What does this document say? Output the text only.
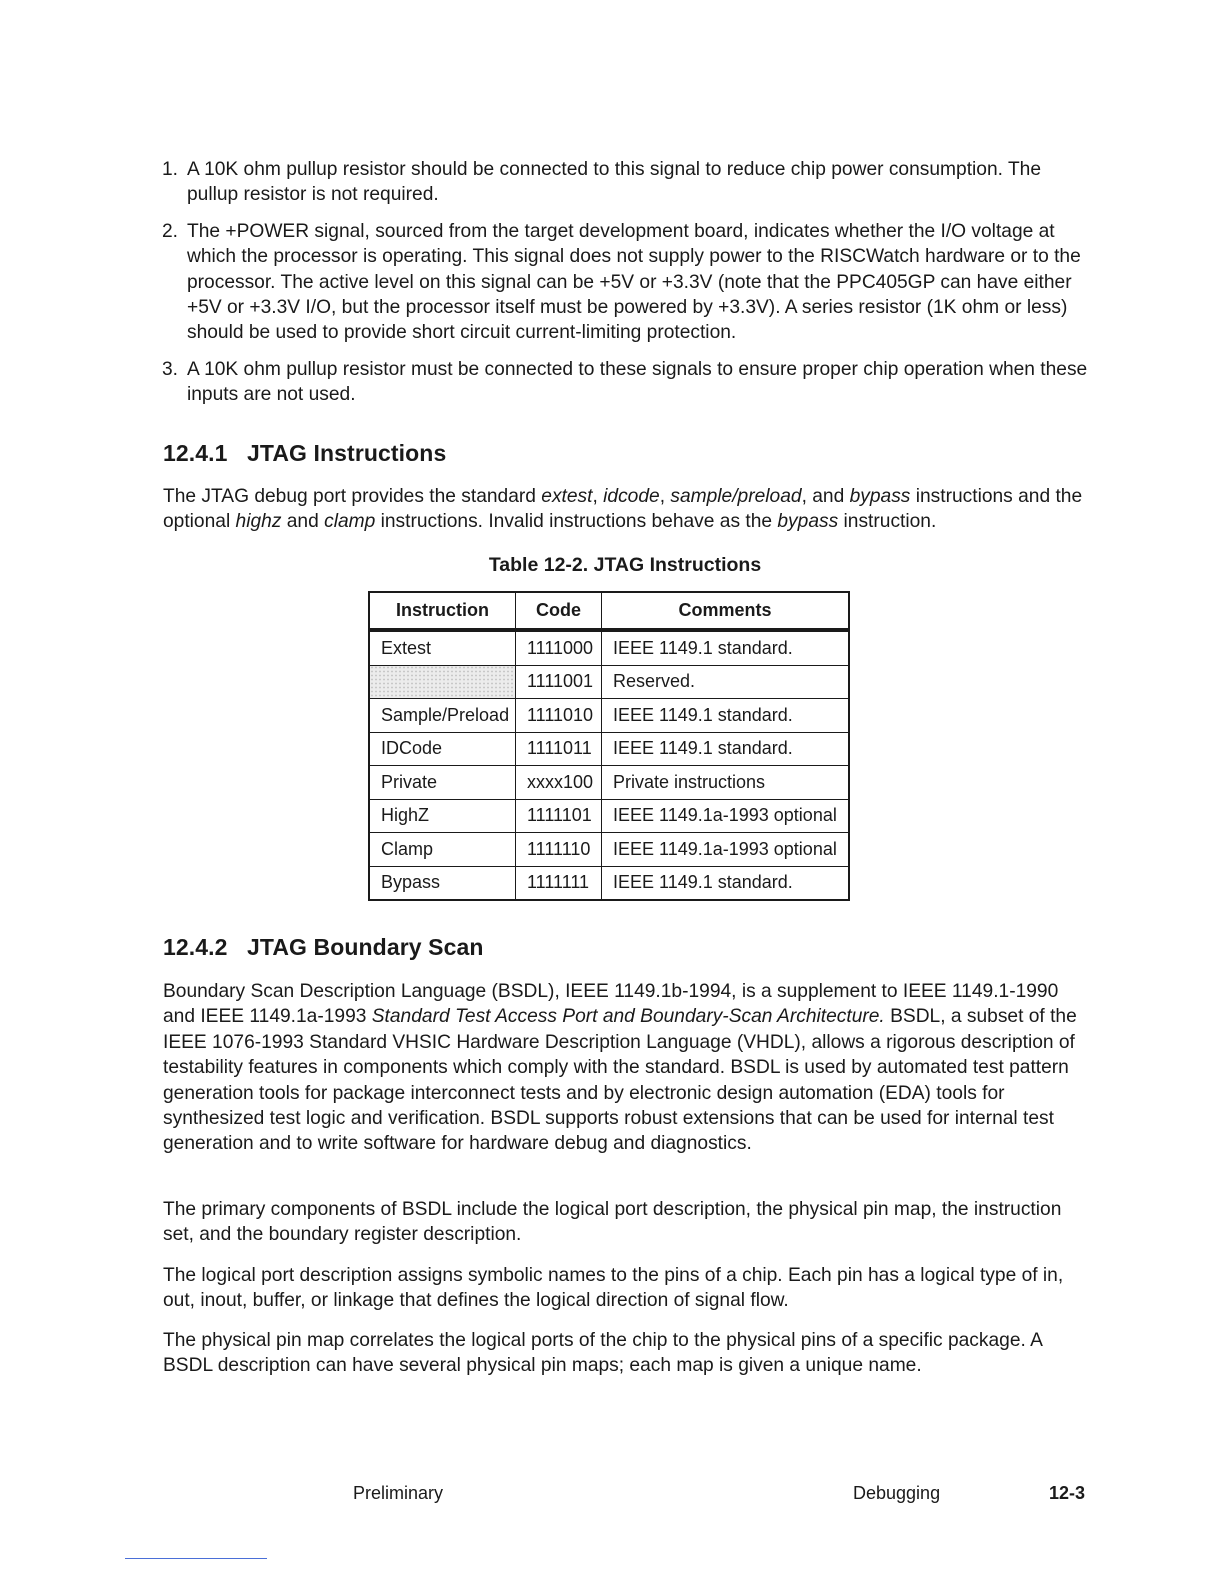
1. A 10K ohm pullup resistor should be connected to this signal to reduce chip power consumption. The pullup resistor is not required.
2. The +POWER signal, sourced from the target development board, indicates whether the I/O voltage at which the processor is operating. This signal does not supply power to the RISCWatch hardware or to the processor. The active level on this signal can be +5V or +3.3V (note that the PPC405GP can have either +5V or +3.3V I/O, but the processor itself must be powered by +3.3V). A series resistor (1K ohm or less) should be used to provide short circuit current-limiting protection.
3. A 10K ohm pullup resistor must be connected to these signals to ensure proper chip operation when these inputs are not used.
12.4.1 JTAG Instructions

The JTAG debug port provides the standard extest, idcode, sample/preload, and bypass instructions and the optional highz and clamp instructions. Invalid instructions behave as the bypass instruction.

Table 12-2. JTAG Instructions

Instruction	Code	Comments
Extest	1111000	IEEE 1149.1 standard.
	1111001	Reserved.
Sample/Preload	1111010	IEEE 1149.1 standard.
IDCode	1111011	IEEE 1149.1 standard.
Private	xxxx100	Private instructions
HighZ	1111101	IEEE 1149.1a-1993 optional
Clamp	1111110	IEEE 1149.1a-1993 optional
Bypass	1111111	IEEE 1149.1 standard.
12.4.2 JTAG Boundary Scan

Boundary Scan Description Language (BSDL), IEEE 1149.1b-1994, is a supplement to IEEE 1149.1-1990 and IEEE 1149.1a-1993 Standard Test Access Port and Boundary-Scan Architecture. BSDL, a subset of the IEEE 1076-1993 Standard VHSIC Hardware Description Language (VHDL), allows a rigorous description of testability features in components which comply with the standard. BSDL is used by automated test pattern generation tools for package interconnect tests and by electronic design automation (EDA) tools for synthesized test logic and verification. BSDL supports robust extensions that can be used for internal test generation and to write software for hardware debug and diagnostics.

The primary components of BSDL include the logical port description, the physical pin map, the instruction set, and the boundary register description.

The logical port description assigns symbolic names to the pins of a chip. Each pin has a logical type of in, out, inout, buffer, or linkage that defines the logical direction of signal flow.

The physical pin map correlates the logical ports of the chip to the physical pins of a specific package. A BSDL description can have several physical pin maps; each map is given a unique name.

Preliminary	Debugging	12-3
